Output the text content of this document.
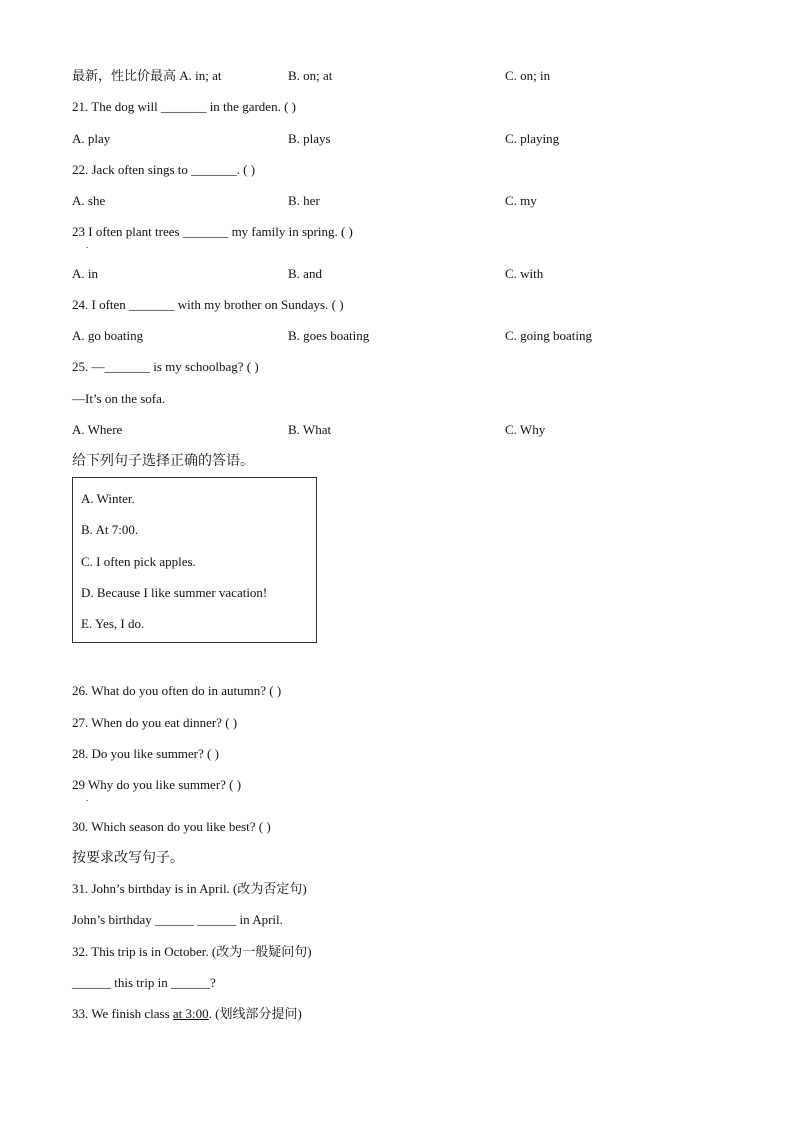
最新，性比价最高 A. in; at	B. on; at	C. on; in
21. The dog will _______ in the garden. ( )
A. play	B. plays	C. playing
22. Jack often sings to _______. ( )
A. she	B. her	C. my
23 I often plant trees _______ my family in spring. ( )
.
A. in	B. and	C. with
24. I often _______ with my brother on Sundays. ( )
A. go boating	B. goes boating	C. going boating
25. —_______ is my schoolbag? ( )
—It’s on the sofa.
A. Where	B. What	C. Why
给下列句子选择正确的答语。
A. Winter.
B. At 7:00.
C. I often pick apples.
D. Because I like summer vacation!
E. Yes, I do.
26. What do you often do in autumn? ( )
27. When do you eat dinner? ( )
28. Do you like summer? ( )
29 Why do you like summer? ( )
.
30. Which season do you like best? ( )
按要求改写句子。
31. John’s birthday is in April. (改为否定句)
John’s birthday ______ ______ in April.
32. This trip is in October. (改为一般疑问句)
______ this trip in ______?
33. We finish class at 3:00. (划线部分提问)
